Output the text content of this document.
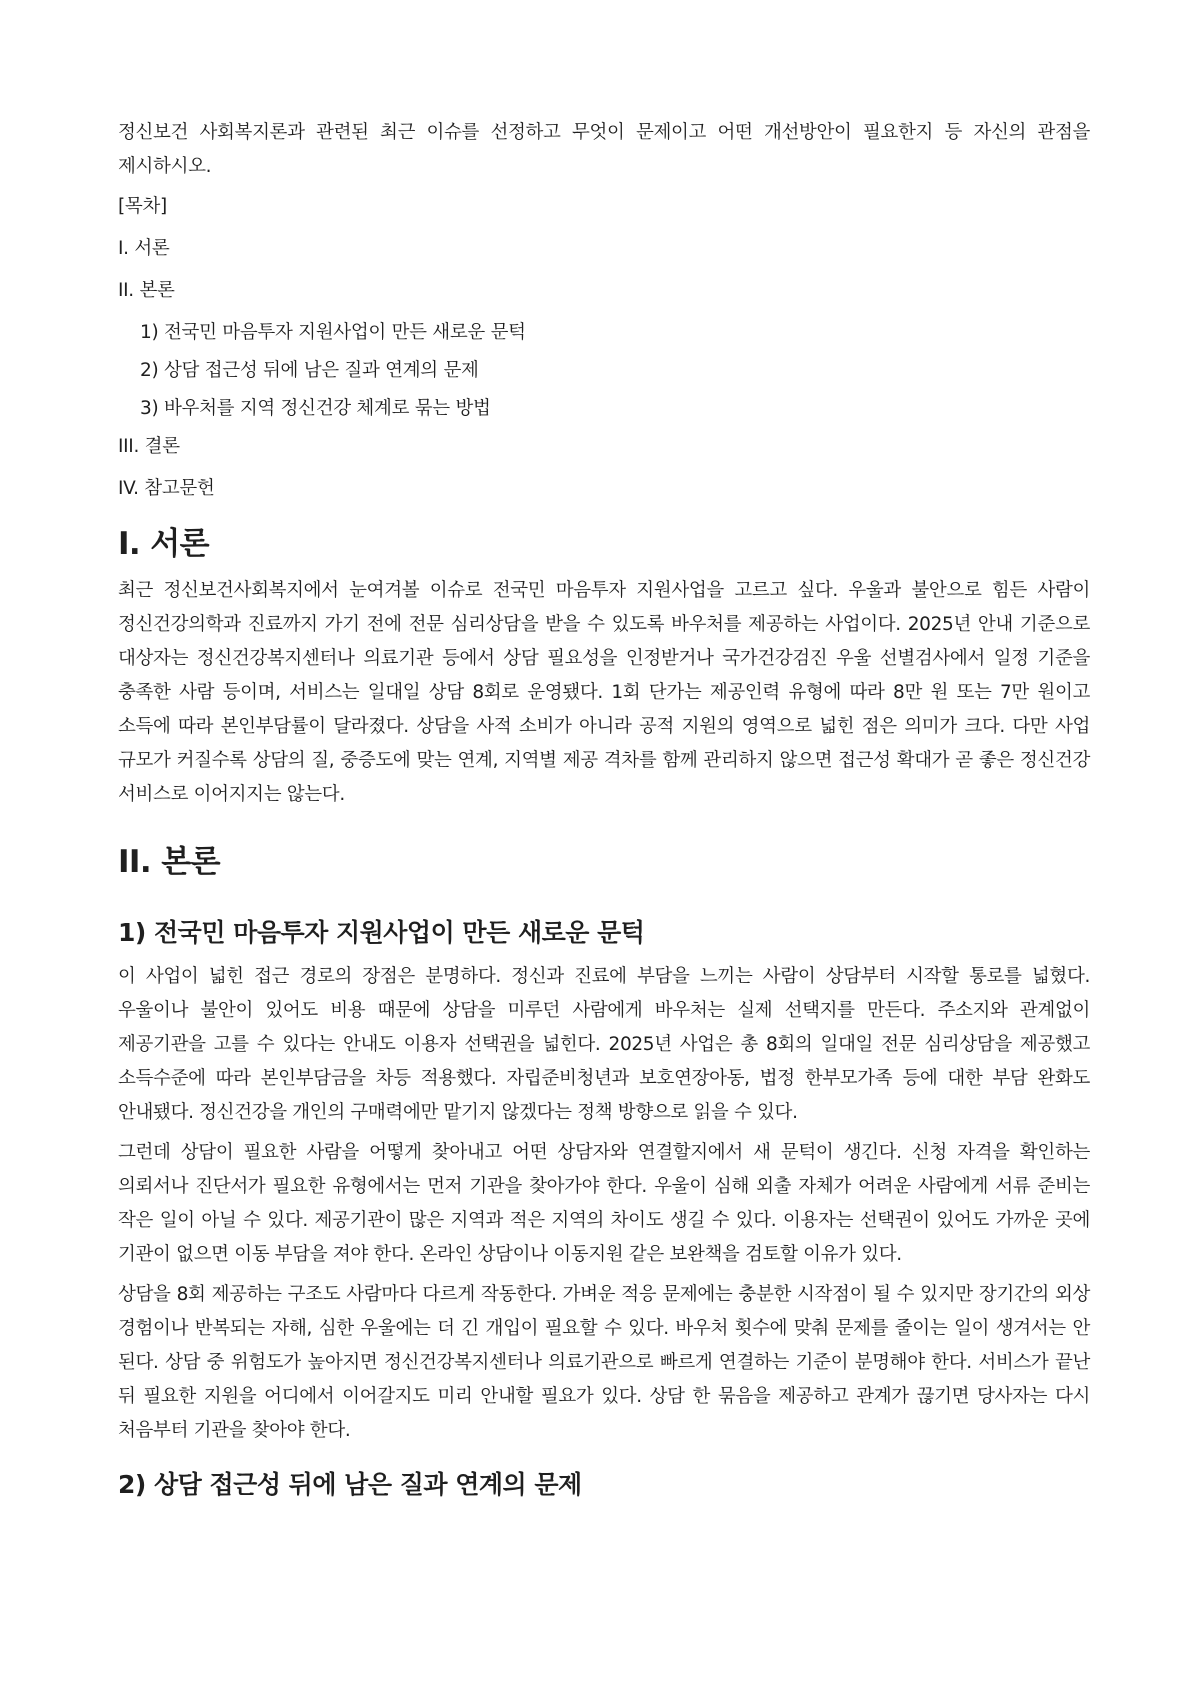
정신보건 사회복지론과 관련된 최근 이슈를 선정하고 무엇이 문제이고 어떤 개선방안이 필요한지 등 자신의 관점을 제시하시오.

[목차]

I. 서론

II. 본론

1) 전국민 마음투자 지원사업이 만든 새로운 문턱

2) 상담 접근성 뒤에 남은 질과 연계의 문제

3) 바우처를 지역 정신건강 체계로 묶는 방법

III. 결론

IV. 참고문헌

I. 서론

최근 정신보건사회복지에서 눈여겨볼 이슈로 전국민 마음투자 지원사업을 고르고 싶다. 우울과 불안으로 힘든 사람이 정신건강의학과 진료까지 가기 전에 전문 심리상담을 받을 수 있도록 바우처를 제공하는 사업이다. 2025년 안내 기준으로 대상자는 정신건강복지센터나 의료기관 등에서 상담 필요성을 인정받거나 국가건강검진 우울 선별검사에서 일정 기준을 충족한 사람 등이며, 서비스는 일대일 상담 8회로 운영됐다. 1회 단가는 제공인력 유형에 따라 8만 원 또는 7만 원이고 소득에 따라 본인부담률이 달라졌다. 상담을 사적 소비가 아니라 공적 지원의 영역으로 넓힌 점은 의미가 크다. 다만 사업 규모가 커질수록 상담의 질, 중증도에 맞는 연계, 지역별 제공 격차를 함께 관리하지 않으면 접근성 확대가 곧 좋은 정신건강 서비스로 이어지지는 않는다.

II. 본론
1) 전국민 마음투자 지원사업이 만든 새로운 문턱

이 사업이 넓힌 접근 경로의 장점은 분명하다. 정신과 진료에 부담을 느끼는 사람이 상담부터 시작할 통로를 넓혔다. 우울이나 불안이 있어도 비용 때문에 상담을 미루던 사람에게 바우처는 실제 선택지를 만든다. 주소지와 관계없이 제공기관을 고를 수 있다는 안내도 이용자 선택권을 넓힌다. 2025년 사업은 총 8회의 일대일 전문 심리상담을 제공했고 소득수준에 따라 본인부담금을 차등 적용했다. 자립준비청년과 보호연장아동, 법정 한부모가족 등에 대한 부담 완화도 안내됐다. 정신건강을 개인의 구매력에만 맡기지 않겠다는 정책 방향으로 읽을 수 있다.

그런데 상담이 필요한 사람을 어떻게 찾아내고 어떤 상담자와 연결할지에서 새 문턱이 생긴다. 신청 자격을 확인하는 의뢰서나 진단서가 필요한 유형에서는 먼저 기관을 찾아가야 한다. 우울이 심해 외출 자체가 어려운 사람에게 서류 준비는 작은 일이 아닐 수 있다. 제공기관이 많은 지역과 적은 지역의 차이도 생길 수 있다. 이용자는 선택권이 있어도 가까운 곳에 기관이 없으면 이동 부담을 져야 한다. 온라인 상담이나 이동지원 같은 보완책을 검토할 이유가 있다.

상담을 8회 제공하는 구조도 사람마다 다르게 작동한다. 가벼운 적응 문제에는 충분한 시작점이 될 수 있지만 장기간의 외상 경험이나 반복되는 자해, 심한 우울에는 더 긴 개입이 필요할 수 있다. 바우처 횟수에 맞춰 문제를 줄이는 일이 생겨서는 안 된다. 상담 중 위험도가 높아지면 정신건강복지센터나 의료기관으로 빠르게 연결하는 기준이 분명해야 한다. 서비스가 끝난 뒤 필요한 지원을 어디에서 이어갈지도 미리 안내할 필요가 있다. 상담 한 묶음을 제공하고 관계가 끊기면 당사자는 다시 처음부터 기관을 찾아야 한다.

2) 상담 접근성 뒤에 남은 질과 연계의 문제
